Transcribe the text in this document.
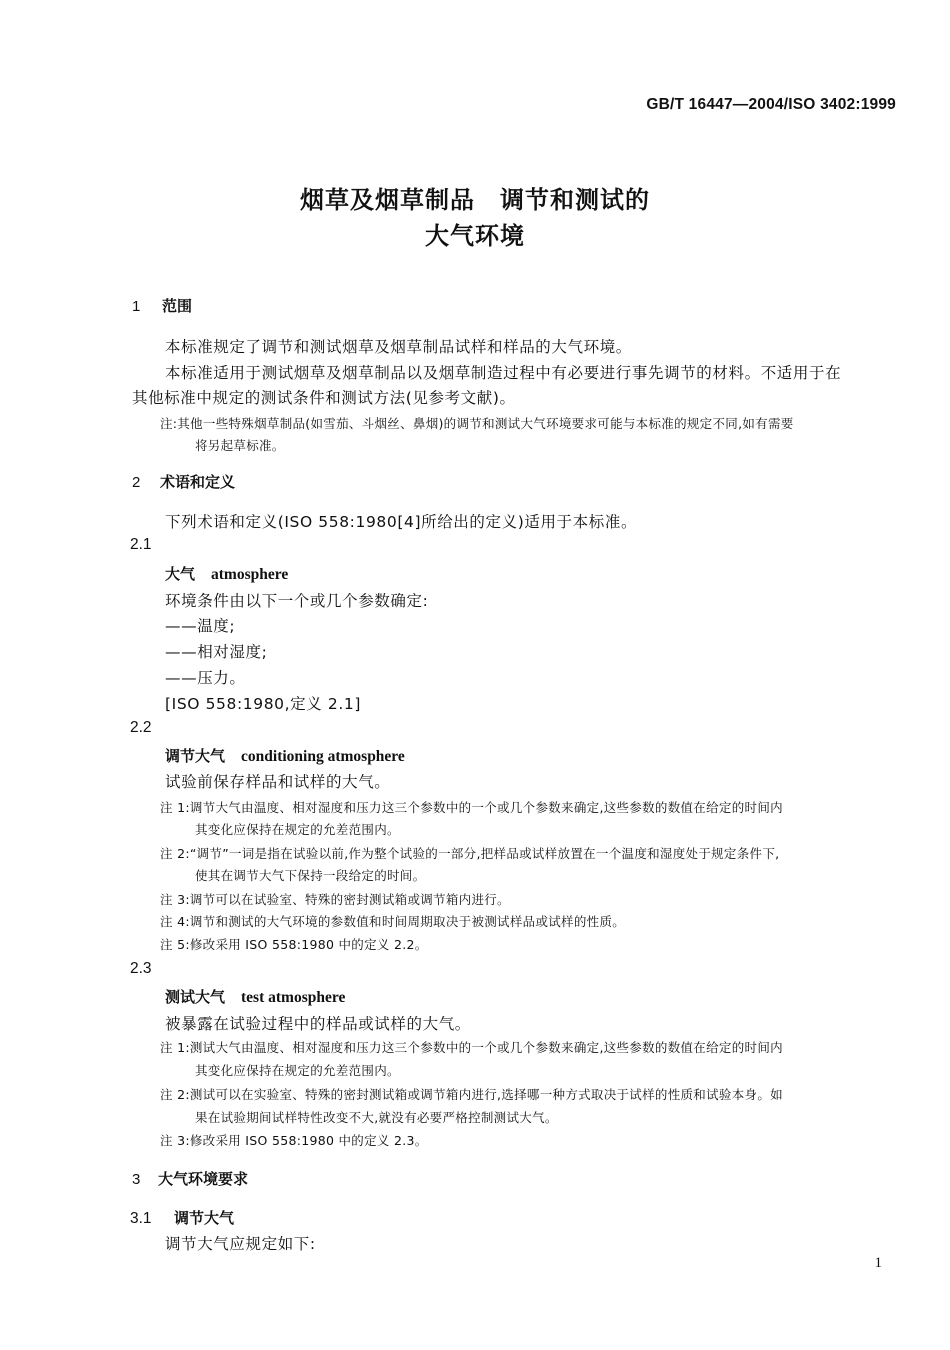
GB/T 16447—2004/ISO 3402:1999
烟草及烟草制品　调节和测试的
大气环境
1 范围
本标准规定了调节和测试烟草及烟草制品试样和样品的大气环境。
本标准适用于测试烟草及烟草制品以及烟草制造过程中有必要进行事先调节的材料。不适用于在
其他标准中规定的测试条件和测试方法(见参考文献)。
注:其他一些特殊烟草制品(如雪茄、斗烟丝、鼻烟)的调节和测试大气环境要求可能与本标准的规定不同,如有需要
将另起草标准。
2 术语和定义
下列术语和定义(ISO 558:1980[4]所给出的定义)适用于本标准。
2.1
大气 atmosphere
环境条件由以下一个或几个参数确定:
——温度;
——相对湿度;
——压力。
[ISO 558:1980,定义 2.1]
2.2
调节大气 conditioning atmosphere
试验前保存样品和试样的大气。
注 1:调节大气由温度、相对湿度和压力这三个参数中的一个或几个参数来确定,这些参数的数值在给定的时间内
其变化应保持在规定的允差范围内。
注 2:“调节”一词是指在试验以前,作为整个试验的一部分,把样品或试样放置在一个温度和湿度处于规定条件下,
使其在调节大气下保持一段给定的时间。
注 3:调节可以在试验室、特殊的密封测试箱或调节箱内进行。
注 4:调节和测试的大气环境的参数值和时间周期取决于被测试样品或试样的性质。
注 5:修改采用 ISO 558:1980 中的定义 2.2。
2.3
测试大气 test atmosphere
被暴露在试验过程中的样品或试样的大气。
注 1:测试大气由温度、相对湿度和压力这三个参数中的一个或几个参数来确定,这些参数的数值在给定的时间内
其变化应保持在规定的允差范围内。
注 2:测试可以在实验室、特殊的密封测试箱或调节箱内进行,选择哪一种方式取决于试样的性质和试验本身。如
果在试验期间试样特性改变不大,就没有必要严格控制测试大气。
注 3:修改采用 ISO 558:1980 中的定义 2.3。
3 大气环境要求
3.1 调节大气
调节大气应规定如下:
1
